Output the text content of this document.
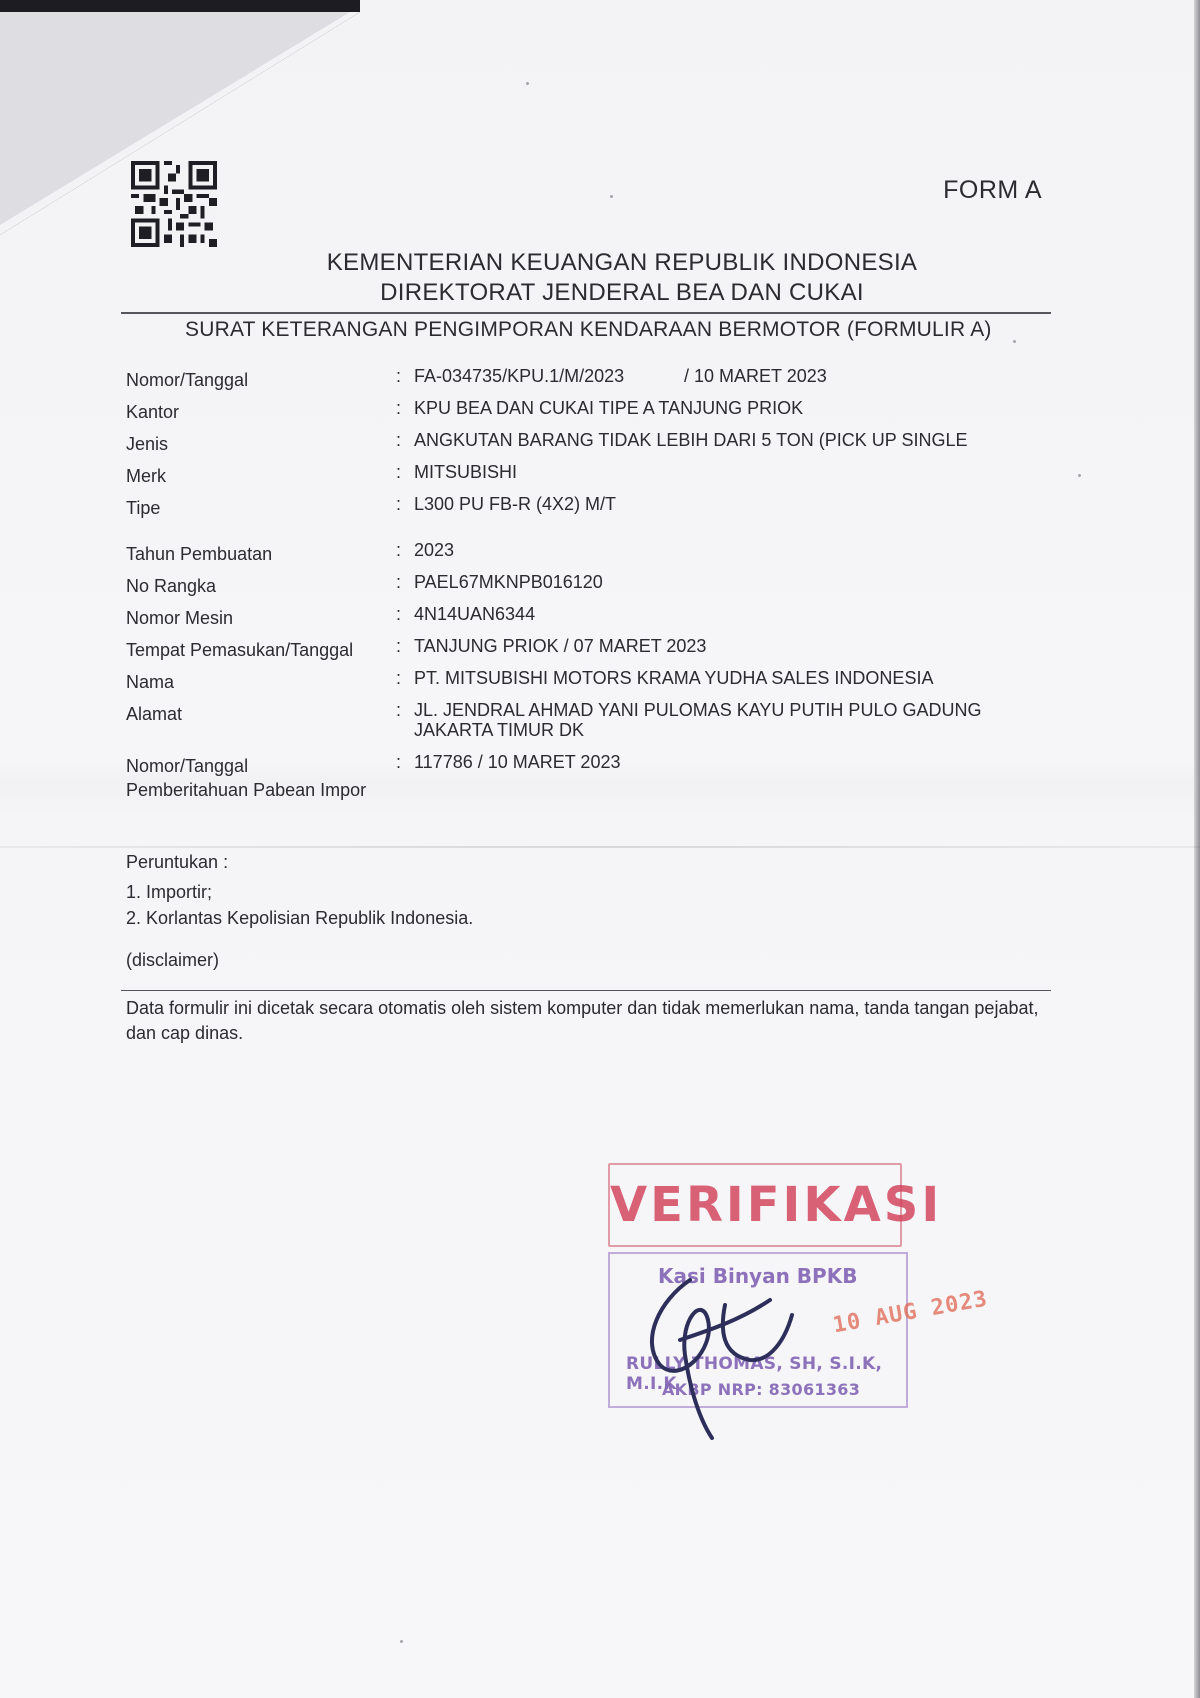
FORM A
KEMENTERIAN KEUANGAN REPUBLIK INDONESIA
DIREKTORAT JENDERAL BEA DAN CUKAI
SURAT KETERANGAN PENGIMPORAN KENDARAAN BERMOTOR (FORMULIR A)
Nomor/Tanggal	: FA-034735/KPU.1/M/2023	/ 10 MARET 2023
Kantor	: KPU BEA DAN CUKAI TIPE A TANJUNG PRIOK
Jenis	: ANGKUTAN BARANG TIDAK LEBIH DARI 5 TON (PICK UP SINGLE
Merk	: MITSUBISHI
Tipe	: L300 PU FB-R (4X2) M/T
Tahun Pembuatan	: 2023
No Rangka	: PAEL67MKNPB016120
Nomor Mesin	: 4N14UAN6344
Tempat Pemasukan/Tanggal	: TANJUNG PRIOK / 07 MARET 2023
Nama	: PT. MITSUBISHI MOTORS KRAMA YUDHA SALES INDONESIA
Alamat	: JL. JENDRAL AHMAD YANI PULOMAS KAYU PUTIH PULO GADUNG
JAKARTA TIMUR DK
Nomor/Tanggal
Pemberitahuan Pabean Impor
: 117786 / 10 MARET 2023
Peruntukan :
1. Importir;
2. Korlantas Kepolisian Republik Indonesia.
(disclaimer)
Data formulir ini dicetak secara otomatis oleh sistem komputer dan tidak memerlukan nama, tanda tangan pejabat, dan cap dinas.
VERIFIKASI
Kasi Binyan BPKB
RULLY THOMAS, SH, S.I.K, M.I.K
AKBP NRP: 83061363
10 AUG 2023
